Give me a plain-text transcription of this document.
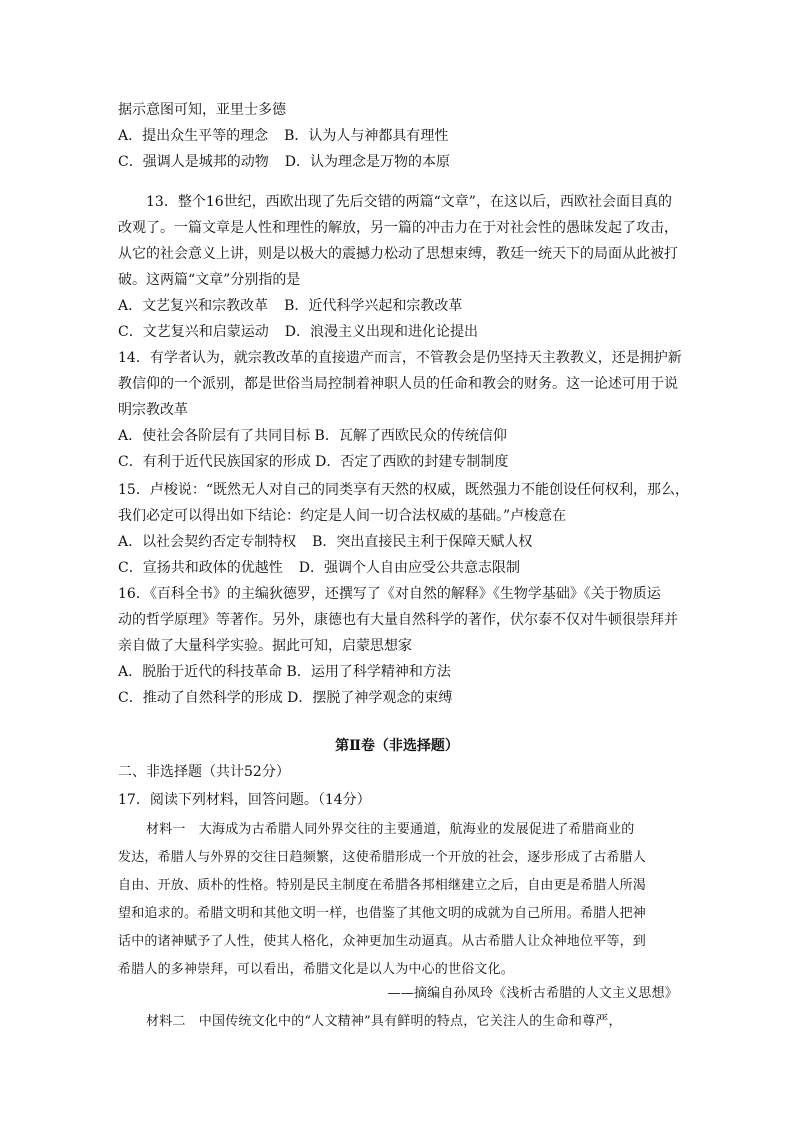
据示意图可知，亚里士多德
A．提出众生平等的理念 B．认为人与神都具有理性
C．强调人是城邦的动物 D．认为理念是万物的本原
13．整个16世纪，西欧出现了先后交错的两篇“文章”，在这以后，西欧社会面目真的
改观了。一篇文章是人性和理性的解放，另一篇的冲击力在于对社会性的愚昧发起了攻击，
从它的社会意义上讲，则是以极大的震撼力松动了思想束缚，教廷一统天下的局面从此被打
破。这两篇“文章”分别指的是
A．文艺复兴和宗教改革 B．近代科学兴起和宗教改革
C．文艺复兴和启蒙运动 D．浪漫主义出现和进化论提出
14．有学者认为，就宗教改革的直接遗产而言，不管教会是仍坚持天主教教义，还是拥护新
教信仰的一个派别，都是世俗当局控制着神职人员的任命和教会的财务。这一论述可用于说
明宗教改革
A．使社会各阶层有了共同目标 B．瓦解了西欧民众的传统信仰
C．有利于近代民族国家的形成 D．否定了西欧的封建专制制度
15．卢梭说：“既然无人对自己的同类享有天然的权威，既然强力不能创设任何权利，那么，
我们必定可以得出如下结论：约定是人间一切合法权威的基础。”卢梭意在
A．以社会契约否定专制特权 B．突出直接民主利于保障天赋人权
C．宣扬共和政体的优越性 D．强调个人自由应受公共意志限制
16．《百科全书》的主编狄德罗，还撰写了《对自然的解释》《生物学基础》《关于物质运
动的哲学原理》等著作。另外，康德也有大量自然科学的著作，伏尔泰不仅对牛顿很崇拜并
亲自做了大量科学实验。据此可知，启蒙思想家
A．脱胎于近代的科技革命 B．运用了科学精神和方法
C．推动了自然科学的形成 D．摆脱了神学观念的束缚
第Ⅱ卷（非选择题）
二、非选择题（共计52分）
17．阅读下列材料，回答问题。（14分）
材料一　大海成为古希腊人同外界交往的主要通道，航海业的发展促进了希腊商业的
发达，希腊人与外界的交往日趋频繁，这使希腊形成一个开放的社会，逐步形成了古希腊人
自由、开放、质朴的性格。特别是民主制度在希腊各邦相继建立之后，自由更是希腊人所渴
望和追求的。希腊文明和其他文明一样，也借鉴了其他文明的成就为自己所用。希腊人把神
话中的诸神赋予了人性，使其人格化，众神更加生动逼真。从古希腊人让众神地位平等，到
希腊人的多神崇拜，可以看出，希腊文化是以人为中心的世俗文化。
——摘编自孙凤玲《浅析古希腊的人文主义思想》
材料二　中国传统文化中的“人文精神”具有鲜明的特点，它关注人的生命和尊严，
